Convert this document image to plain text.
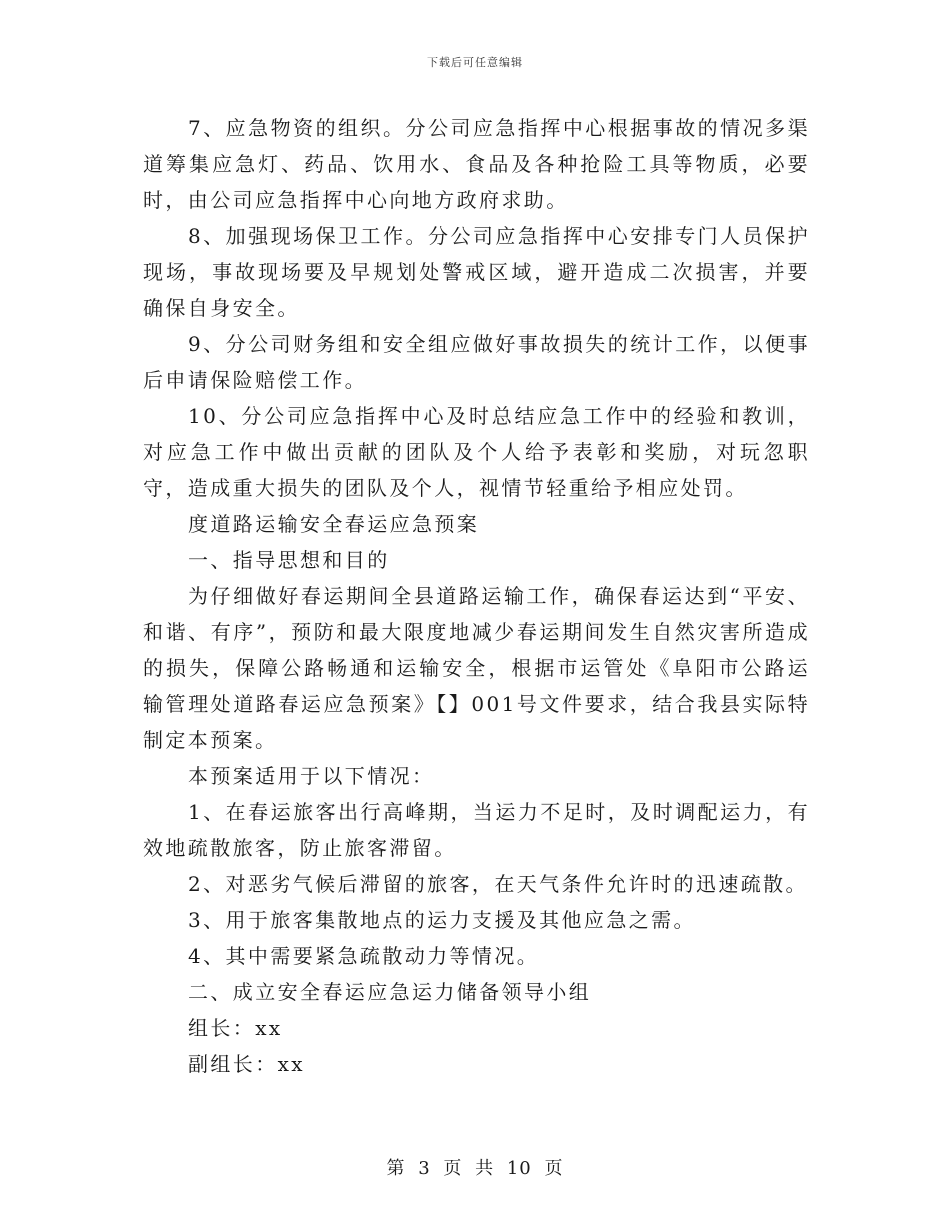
下载后可任意编辑

7、应急物资的组织。分公司应急指挥中心根据事故的情况多渠道筹集应急灯、药品、饮用水、食品及各种抢险工具等物质，必要时，由公司应急指挥中心向地方政府求助。

8、加强现场保卫工作。分公司应急指挥中心安排专门人员保护现场，事故现场要及早规划处警戒区域，避开造成二次损害，并要确保自身安全。

9、分公司财务组和安全组应做好事故损失的统计工作，以便事后申请保险赔偿工作。

10、分公司应急指挥中心及时总结应急工作中的经验和教训，对应急工作中做出贡献的团队及个人给予表彰和奖励，对玩忽职守，造成重大损失的团队及个人，视情节轻重给予相应处罚。

度道路运输安全春运应急预案

一、指导思想和目的

为仔细做好春运期间全县道路运输工作，确保春运达到“平安、和谐、有序”，预防和最大限度地减少春运期间发生自然灾害所造成的损失，保障公路畅通和运输安全，根据市运管处《阜阳市公路运输管理处道路春运应急预案》【】001号文件要求，结合我县实际特制定本预案。

本预案适用于以下情况：

1、在春运旅客出行高峰期，当运力不足时，及时调配运力，有效地疏散旅客，防止旅客滞留。

2、对恶劣气候后滞留的旅客，在天气条件允许时的迅速疏散。

3、用于旅客集散地点的运力支援及其他应急之需。

4、其中需要紧急疏散动力等情况。

二、成立安全春运应急运力储备领导小组

组长：xx

副组长：xx

第 3 页 共 10 页
